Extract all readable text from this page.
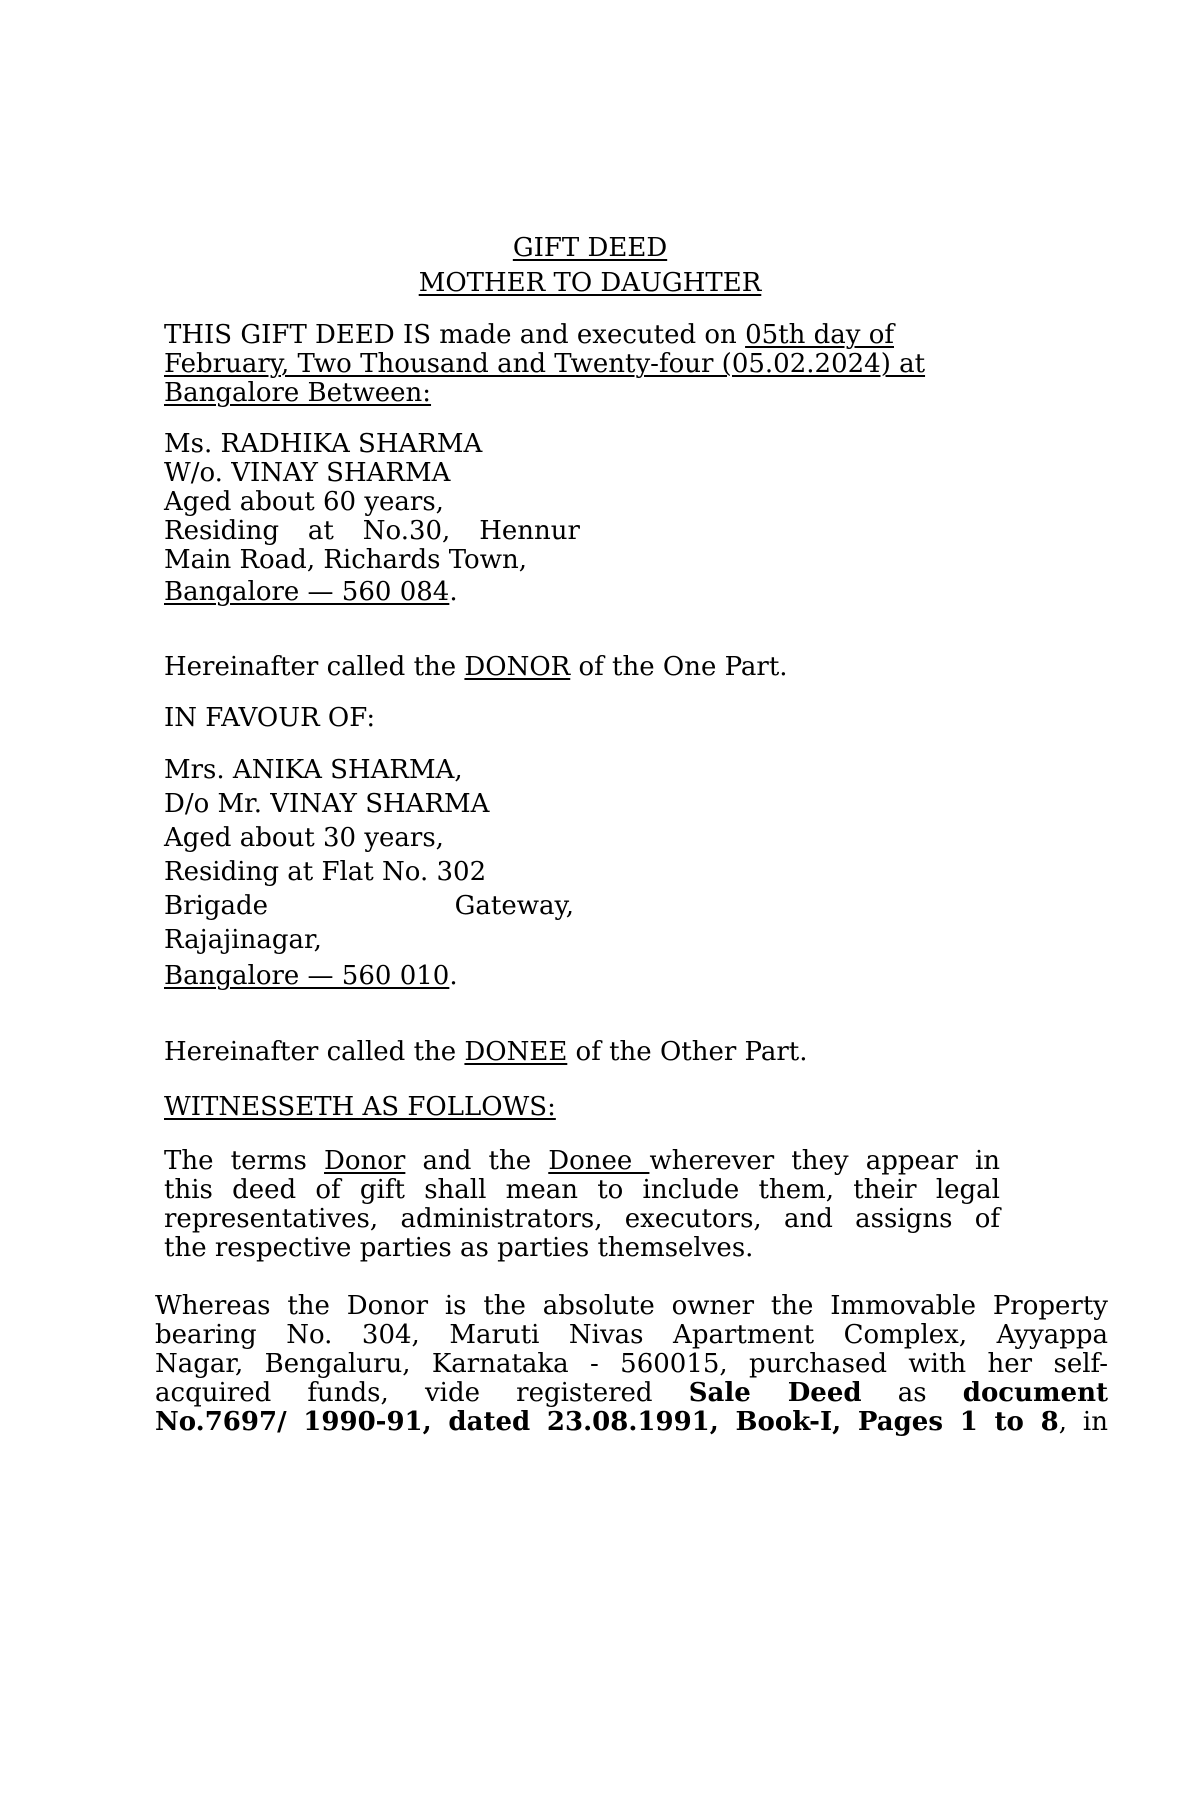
GIFT DEED
MOTHER TO DAUGHTER
THIS GIFT DEED IS made and executed on 05th day of
February, Two Thousand and Twenty-four (05.02.2024) at
Bangalore Between:
Ms. RADHIKA SHARMA
W/o. VINAY SHARMA
Aged about 60 years,
Residing at No.30, Hennur
Main Road, Richards Town,
Bangalore — 560 084.
Hereinafter called the DONOR of the One Part.
IN FAVOUR OF:
Mrs. ANIKA SHARMA,
D/o Mr. VINAY SHARMA
Aged about 30 years,
Residing at Flat No. 302
Brigade	Gateway,
Rajajinagar,
Bangalore — 560 010.
Hereinafter called the DONEE of the Other Part.
WITNESSETH AS FOLLOWS:
The terms Donor and the Donee wherever they appear in
this deed of gift shall mean to include them, their legal
representatives, administrators, executors, and assigns of
the respective parties as parties themselves.
Whereas the Donor is the absolute owner the Immovable Property
bearing No. 304, Maruti Nivas Apartment Complex, Ayyappa
Nagar, Bengaluru, Karnataka - 560015, purchased with her self-
acquired funds, vide registered Sale Deed as document
No.7697/ 1990-91, dated 23.08.1991, Book-I, Pages 1 to 8, in
